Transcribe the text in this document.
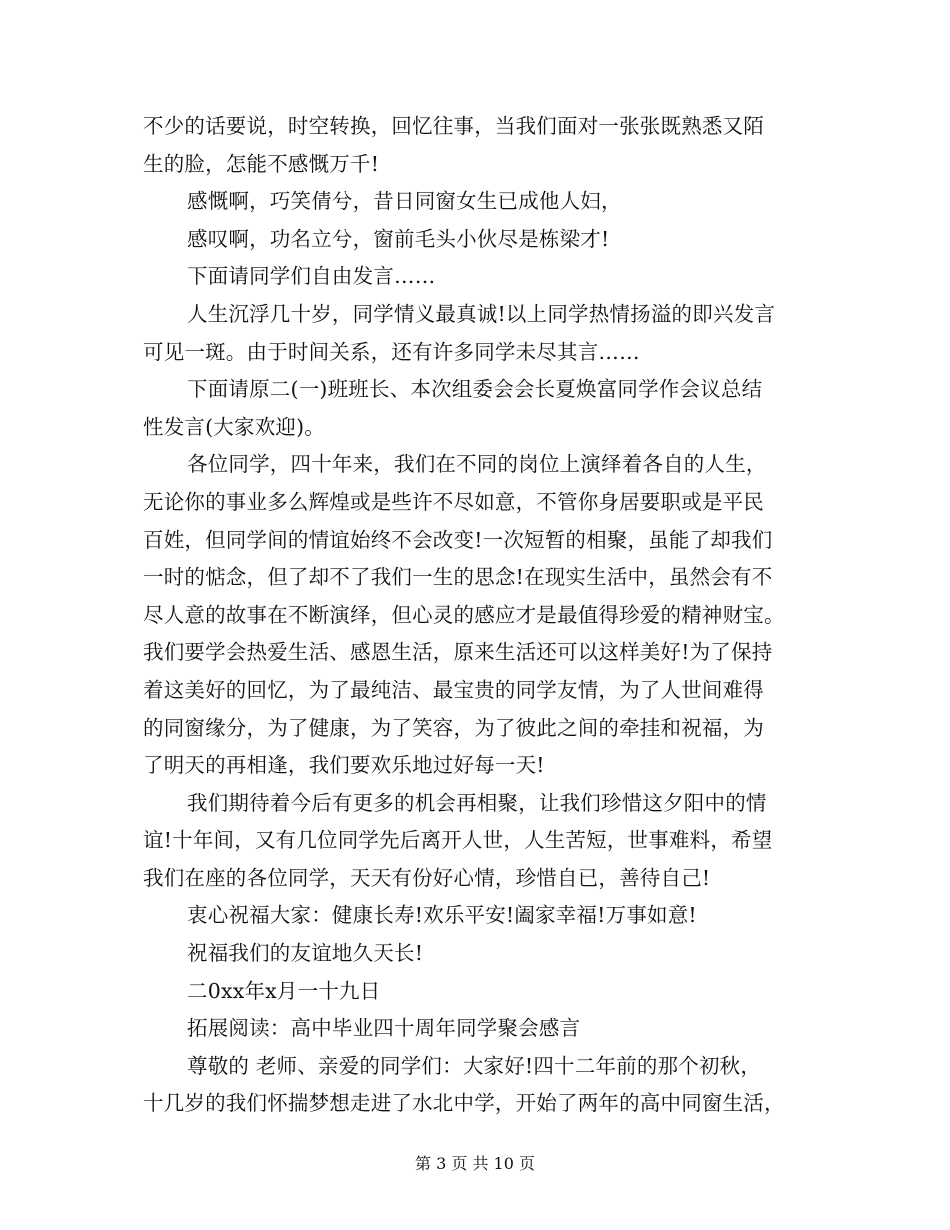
不少的话要说，时空转换，回忆往事，当我们面对一张张既熟悉又陌
生的脸，怎能不感慨万千!
感慨啊，巧笑倩兮，昔日同窗女生已成他人妇，
感叹啊，功名立兮，窗前毛头小伙尽是栋梁才!
下面请同学们自由发言……
人生沉浮几十岁，同学情义最真诚!以上同学热情扬溢的即兴发言
可见一斑。由于时间关系，还有许多同学未尽其言……
下面请原二(一)班班长、本次组委会会长夏焕富同学作会议总结
性发言(大家欢迎)。
各位同学，四十年来，我们在不同的岗位上演绎着各自的人生，
无论你的事业多么辉煌或是些许不尽如意，不管你身居要职或是平民
百姓，但同学间的情谊始终不会改变!一次短暂的相聚，虽能了却我们
一时的惦念，但了却不了我们一生的思念!在现实生活中，虽然会有不
尽人意的故事在不断演绎，但心灵的感应才是最值得珍爱的精神财宝。
我们要学会热爱生活、感恩生活，原来生活还可以这样美好!为了保持
着这美好的回忆，为了最纯洁、最宝贵的同学友情，为了人世间难得
的同窗缘分，为了健康，为了笑容，为了彼此之间的牵挂和祝福，为
了明天的再相逢，我们要欢乐地过好每一天!
我们期待着今后有更多的机会再相聚，让我们珍惜这夕阳中的情
谊!十年间，又有几位同学先后离开人世，人生苦短，世事难料，希望
我们在座的各位同学，天天有份好心情，珍惜自已，善待自己!
衷心祝福大家：健康长寿!欢乐平安!阖家幸福!万事如意!
祝福我们的友谊地久天长!
二0xx年x月一十九日
拓展阅读：高中毕业四十周年同学聚会感言
尊敬的 老师、亲爱的同学们：大家好!四十二年前的那个初秋，
十几岁的我们怀揣梦想走进了水北中学，开始了两年的高中同窗生活，
第 3 页 共 10 页
